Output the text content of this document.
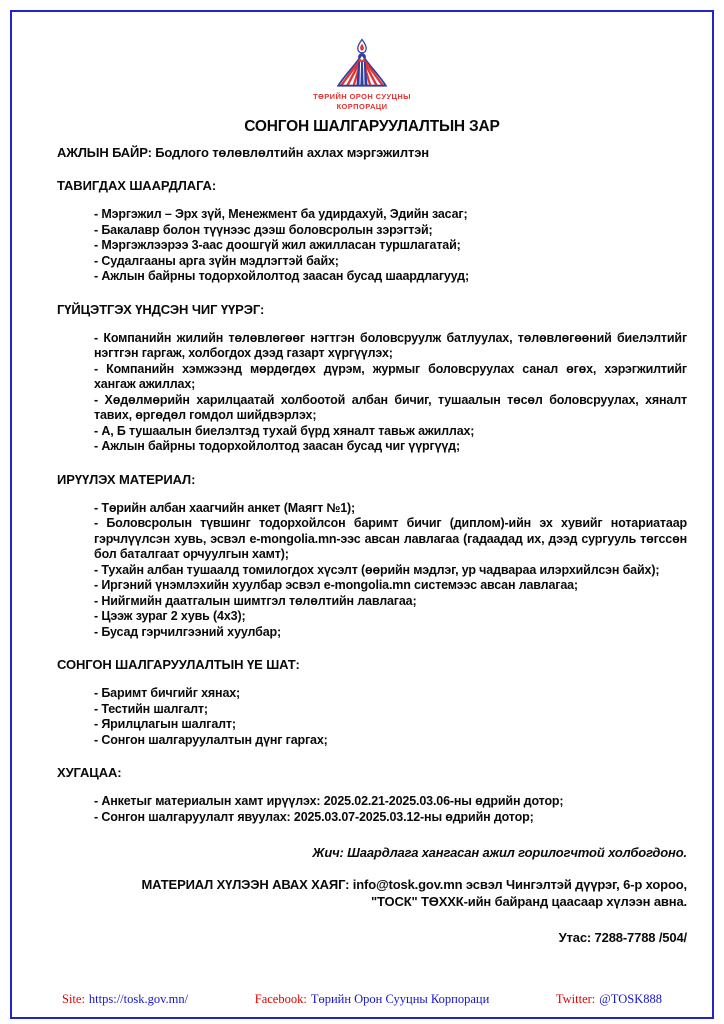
ТӨРИЙН ОРОН СУУЦНЫ
КОРПОРАЦИ
СОНГОН ШАЛГАРУУЛАЛТЫН ЗАР

АЖЛЫН БАЙР: Бодлого төлөвлөлтийн ахлах мэргэжилтэн

ТАВИГДАХ ШААРДЛАГА:
- Мэргэжил – Эрх зүй, Менежмент ба удирдахуй, Эдийн засаг;
- Бакалавр болон түүнээс дээш боловсролын зэрэгтэй;
- Мэргэжлээрээ 3-аас доошгүй жил ажилласан туршлагатай;
- Судалгааны арга зүйн мэдлэгтэй байх;
- Ажлын байрны тодорхойлолтод заасан бусад шаардлагууд;
ГҮЙЦЭТГЭХ ҮНДСЭН ЧИГ ҮҮРЭГ:
- Компанийн жилийн төлөвлөгөөг нэгтгэн боловсруулж батлуулах, төлөвлөгөөний биелэлтийг нэгтгэн гаргаж, холбогдох дээд газарт хүргүүлэх;
- Компанийн хэмжээнд мөрдөгдөх дүрэм, журмыг боловсруулах санал өгөх, хэрэгжилтийг хангаж ажиллах;
- Хөдөлмөрийн харилцаатай холбоотой албан бичиг, тушаалын төсөл боловсруулах, хяналт тавих, өргөдөл гомдол шийдвэрлэх;
- А, Б тушаалын биелэлтэд тухай бүрд хяналт тавьж ажиллах;
- Ажлын байрны тодорхойлолтод заасан бусад чиг үүргүүд;
ИРҮҮЛЭХ МАТЕРИАЛ:
- Төрийн албан хаагчийн анкет (Маягт №1);
- Боловсролын түвшинг тодорхойлсон баримт бичиг (диплом)-ийн эх хувийг нотариатаар гэрчлүүлсэн хувь, эсвэл e-mongolia.mn-ээс авсан лавлагаа (гадаадад их, дээд сургууль төгссөн бол баталгаат орчуулгын хамт);
- Тухайн албан тушаалд томилогдох хүсэлт (өөрийн мэдлэг, ур чадвараа илэрхийлсэн байх);
- Иргэний үнэмлэхийн хуулбар эсвэл e-mongolia.mn системээс авсан лавлагаа;
- Нийгмийн даатгалын шимтгэл төлөлтийн лавлагаа;
- Цээж зураг 2 хувь (4x3);
- Бусад гэрчилгээний хуулбар;
СОНГОН ШАЛГАРУУЛАЛТЫН ҮЕ ШАТ:
- Баримт бичгийг хянах;
- Тестийн шалгалт;
- Ярилцлагын шалгалт;
- Сонгон шалгаруулалтын дүнг гаргах;
ХУГАЦАА:
- Анкетыг материалын хамт ирүүлэх: 2025.02.21-2025.03.06-ны өдрийн дотор;
- Сонгон шалгаруулалт явуулах: 2025.03.07-2025.03.12-ны өдрийн дотор;

Жич: Шаардлага хангасан ажил горилогчтой холбогдоно.

МАТЕРИАЛ ХҮЛЭЭН АВАХ ХАЯГ: info@tosk.gov.mn эсвэл Чингэлтэй дүүрэг, 6-р хороо, "ТОСК" ТӨХХК-ийн байранд цаасаар хүлээн авна.

Утас: 7288-7788 /504/

Site: https://tosk.gov.mn/	Facebook: Төрийн Орон Сууцны Корпораци	Twitter: @TOSK888
